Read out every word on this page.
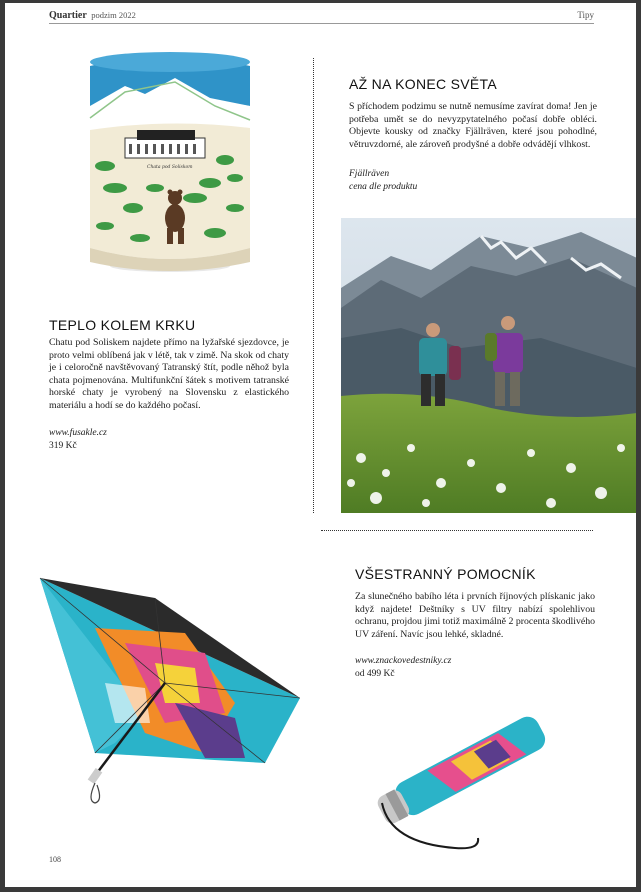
Quartier podzim 2022	Tipy
Chata pod Soliskom
AŽ NA KONEC SVĚTA

S příchodem podzimu se nutně nemusíme zavírat doma! Jen je potřeba umět se do nevyzpytatelného počasí dobře obléci. Objevte kousky od značky Fjällräven, které jsou pohodlné, větruvzdorné, ale zároveň prodyšné a dobře odvádějí vlhkost.

Fjällräven
cena dle produktu
TEPLO KOLEM KRKU

Chatu pod Soliskem najdete přímo na lyžařské sjezdovce, je proto velmi oblíbená jak v létě, tak v zimě. Na skok od chaty je i celoročně navštěvovaný Tatranský štít, podle něhož byla chata pojmenována. Multifunkční šátek s motivem tatranské horské chaty je vyrobený na Slovensku z elastického materiálu a hodí se do každého počasí.

www.fusakle.cz
319 Kč
VŠESTRANNÝ POMOCNÍK

Za slunečného babího léta i prvních říjnových plískanic jako když najdete! Deštníky s UV filtry nabízí spolehlivou ochranu, projdou jimi totiž maximálně 2 procenta škodlivého UV záření. Navíc jsou lehké, skladné.

www.znackovedestniky.cz
od 499 Kč
108
